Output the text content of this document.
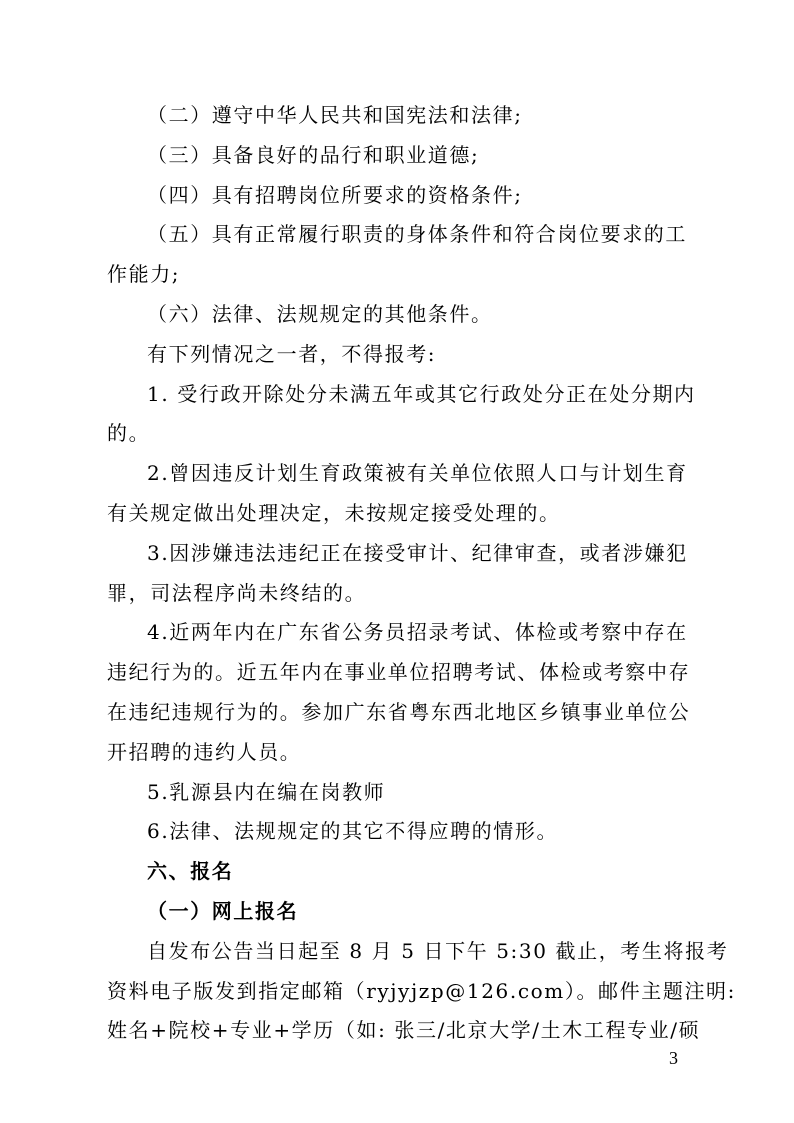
（二）遵守中华人民共和国宪法和法律;
（三）具备良好的品行和职业道德;
（四）具有招聘岗位所要求的资格条件;
（五）具有正常履行职责的身体条件和符合岗位要求的工
作能力;
（六）法律、法规规定的其他条件。
有下列情况之一者，不得报考:
1. 受行政开除处分未满五年或其它行政处分正在处分期内
的。
2.曾因违反计划生育政策被有关单位依照人口与计划生育
有关规定做出处理决定，未按规定接受处理的。
3.因涉嫌违法违纪正在接受审计、纪律审查，或者涉嫌犯
罪，司法程序尚未终结的。
4.近两年内在广东省公务员招录考试、体检或考察中存在
违纪行为的。近五年内在事业单位招聘考试、体检或考察中存
在违纪违规行为的。参加广东省粤东西北地区乡镇事业单位公
开招聘的违约人员。
5.乳源县内在编在岗教师
6.法律、法规规定的其它不得应聘的情形。
六、报名
（一）网上报名
自发布公告当日起至 8 月 5 日下午 5:30 截止，考生将报考
资料电子版发到指定邮箱（ryjyjzp@126.com）。邮件主题注明:
姓名+院校+专业+学历（如: 张三/北京大学/土木工程专业/硕
3
